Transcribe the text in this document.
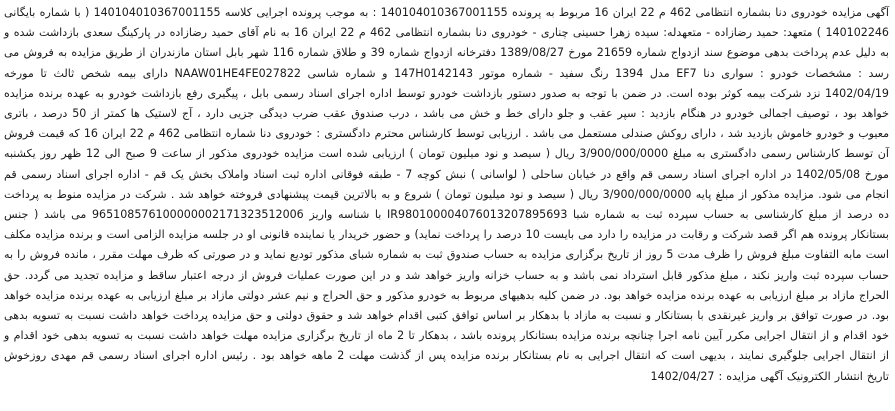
آگهی مزایده خودروی دنا بشماره انتظامی 462 م 22 ایران 16 مربوط به پرونده 140104010367001155 : به موجب پرونده اجرایی کلاسه 140104010367001155 ( با شماره بایگانی 140102246 ) متعهد: حمید رضازاده - متعهدله: سیده زهرا حسینی چناری - خودروی دنا بشماره انتظامی 462 م 22 ایران 16 به نام آقای حمید رضازاده در پارکینگ سعدی بازداشت شده و به دلیل عدم پرداخت بدهی موضوع سند ازدواج شماره 21659 مورخ 1389/08/27 دفترخانه ازدواج شماره 39 و طلاق شماره 116 شهر بابل استان مازندران از طریق مزایده به فروش می رسد : مشخصات خودرو : سواری دنا EF7 مدل 1394 رنگ سفید - شماره موتور 147H0142143 و شماره شاسی NAAW01HE4FE027822 دارای بیمه شخص ثالث تا مورخه 1402/04/19 نزد شرکت بیمه کوثر بوده است. در ضمن با توجه به صدور دستور بازداشت خودرو توسط اداره اجرای اسناد رسمی بابل ، پیگیری رفع بازداشت خودرو به عهده برنده مزایده خواهد بود ، توصیف اجمالی خودرو در هنگام بازدید : سپر عقب و جلو دارای خط و خش می باشد ، درب صندوق عقب ضرب دیدگی جزیی دارد ، آج لاستیک ها کمتر از 50 درصد ، باتری معیوب و خودرو خاموش بازدید شد ، دارای روکش صندلی مستعمل می باشد . ارزیابی توسط کارشناس محترم دادگستری : خودروی دنا شماره انتظامی 462 م 22 ایران 16 که قیمت فروش آن توسط کارشناس رسمی دادگستری به مبلغ 3/900/000/0000 ریال ( سیصد و نود میلیون تومان ) ارزیابی شده است مزایده خودروی مذکور از ساعت 9 صبح الی 12 ظهر روز یکشنبه مورخ 1402/05/08 در اداره اجرای اسناد رسمی قم واقع در خیابان ساحلی ( لواسانی ) نبش کوچه 7 - طبقه فوقانی اداره ثبت اسناد واملاک بخش یک قم - اداره اجرای اسناد رسمی قم انجام می شود. مزایده مذکور از مبلغ پایه 3/900/000/0000 ریال ( سیصد و نود میلیون تومان ) شروع و به بالاترین قیمت پیشنهادی فروخته خواهد شد . شرکت در مزایده منوط به پرداخت ده درصد از مبلغ کارشناسی به حساب سپرده ثبت به شماره شبا IR980100004076013207895693 با شناسه واریز 965108576100000002171323512006 می باشد ( جنس بستانکار پرونده هم اگر قصد شرکت و رقابت در مزایده را دارد می بایست 10 درصد را پرداخت نماید) و حضور خریدار یا نماینده قانونی او در جلسه مزایده الزامی است و برنده مزایده مکلف است مابه التفاوت مبلغ فروش را ظرف مدت 5 روز از تاریخ برگزاری مزایده به حساب صندوق ثبت به شماره شبای مذکور تودیع نماید و در صورتی که ظرف مهلت مقرر ، مانده فروش را به حساب سپرده ثبت واریز نکند ، مبلغ مذکور قابل استرداد نمی باشد و به حساب خزانه واریز خواهد شد و در این صورت عملیات فروش از درجه اعتبار ساقط و مزایده تجدید می گردد. حق الحراج مازاد بر مبلغ ارزیابی به عهده برنده مزایده خواهد بود. در ضمن کلیه بدهیهای مربوط به خودرو مذکور و حق الحراج و نیم عشر دولتی مازاد بر مبلغ ارزیابی به عهده برنده مزایده خواهد بود. در صورت توافق بر واریز غیرنقدی با بستانکار و نسبت به مازاد با بدهکار بر اساس توافق کتبی اقدام خواهد شد و حقوق دولتی و حق مزایده پرداخت خواهد داشت نسبت به تسویه بدهی خود اقدام و از انتقال اجرایی مکرر آیین نامه اجرا چنانچه برنده مزایده بستانکار پرونده باشد ، بدهکار تا 2 ماه از تاریخ برگزاری مزایده مهلت خواهد داشت نسبت به تسویه بدهی خود اقدام و از انتقال اجرایی جلوگیری نمایند ، بدیهی است که انتقال اجرایی به نام بستانکار برنده مزایده پس از گذشت مهلت 2 ماهه خواهد بود . رئیس اداره اجرای اسناد رسمی قم مهدی روزخوش تاریخ انتشار الکترونیک آگهی مزایده : 1402/04/27
